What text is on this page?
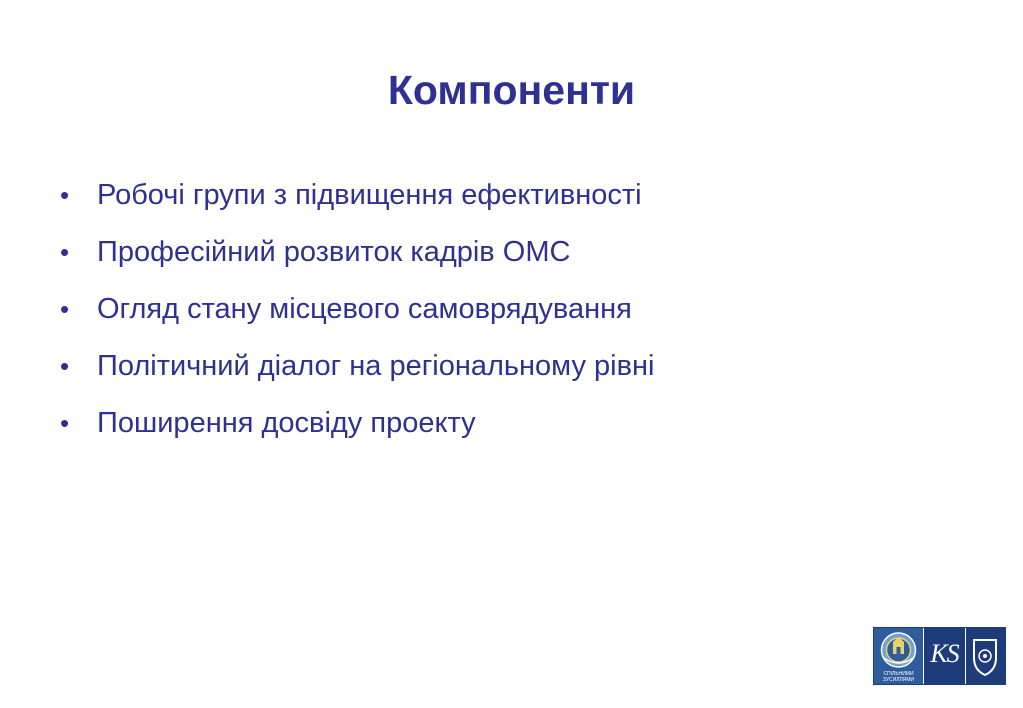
Компоненти
• Робочі групи з підвищення ефективності
• Професійний розвиток кадрів ОМС
• Огляд стану місцевого самоврядування
• Політичний діалог на регіональному рівні
• Поширення досвіду проекту
СПІЛЬНИМИ
ЗУСИЛЛЯМИ
KS
